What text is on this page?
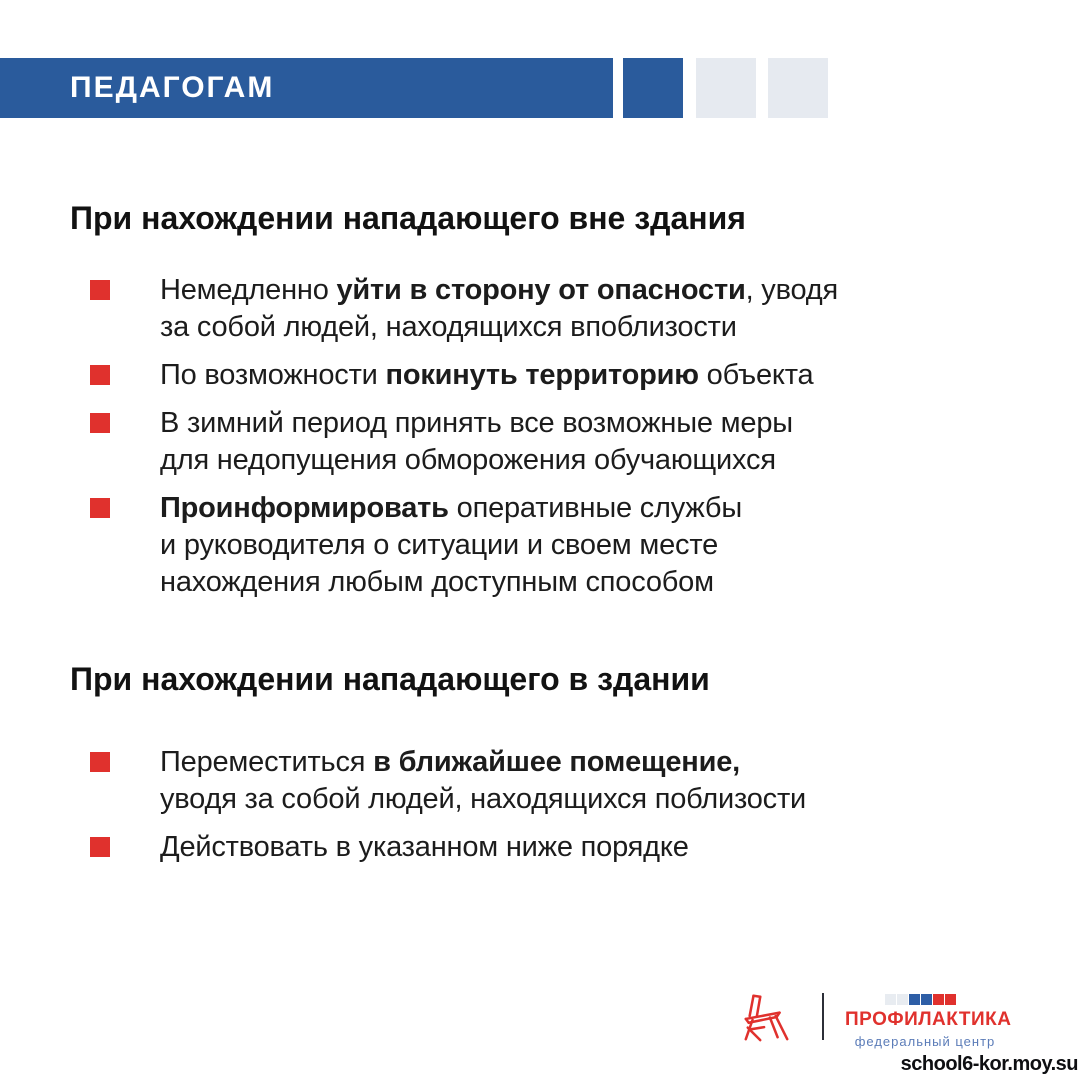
ПЕДАГОГАМ
При нахождении нападающего вне здания
Немедленно уйти в сторону от опасности, уводя
за собой людей, находящихся впоблизости
По возможности покинуть территорию объекта
В зимний период принять все возможные меры
для недопущения обморожения обучающихся
Проинформировать оперативные службы
и руководителя о ситуации и своем месте
нахождения любым доступным способом
При нахождении нападающего в здании
Переместиться в ближайшее помещение,
уводя за собой людей, находящихся поблизости
Действовать в указанном ниже порядке
ПРОФИЛАКТИКА
федеральный центр
school6-kor.moy.su
